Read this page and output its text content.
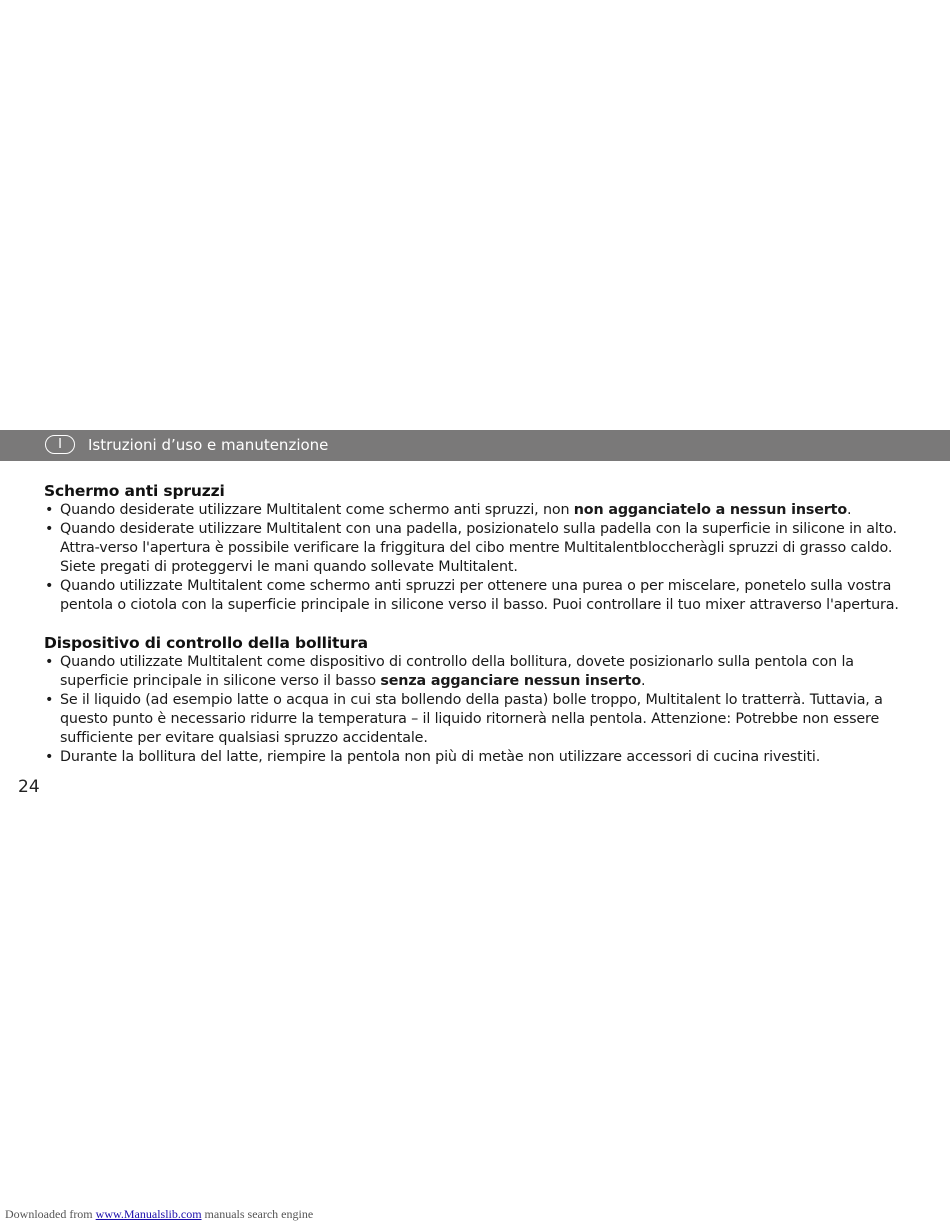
I	Istruzioni d’uso e manutenzione
Schermo anti spruzzi
• Quando desiderate utilizzare Multitalent come schermo anti spruzzi, non non agganciatelo a nessun inserto.
• Quando desiderate utilizzare Multitalent con una padella, posizionatelo sulla padella con la superficie in silicone in alto. Attra-verso l'apertura è possibile verificare la friggitura del cibo mentre Multitalentbloccheràgli spruzzi di grasso caldo. Siete pregati di proteggervi le mani quando sollevate Multitalent.
• Quando utilizzate Multitalent come schermo anti spruzzi per ottenere una purea o per miscelare, ponetelo sulla vostra pentola o ciotola con la superficie principale in silicone verso il basso. Puoi controllare il tuo mixer attraverso l'apertura.
Dispositivo di controllo della bollitura
• Quando utilizzate Multitalent come dispositivo di controllo della bollitura, dovete posizionarlo sulla pentola con la superficie principale in silicone verso il basso senza agganciare nessun inserto.
• Se il liquido (ad esempio latte o acqua in cui sta bollendo della pasta) bolle troppo, Multitalent lo tratterrà. Tuttavia, a questo punto è necessario ridurre la temperatura – il liquido ritornerà nella pentola. Attenzione: Potrebbe non essere sufficiente per evitare qualsiasi spruzzo accidentale.
• Durante la bollitura del latte, riempire la pentola non più di metàe non utilizzare accessori di cucina rivestiti.
24
Downloaded from www.Manualslib.com manuals search engine
